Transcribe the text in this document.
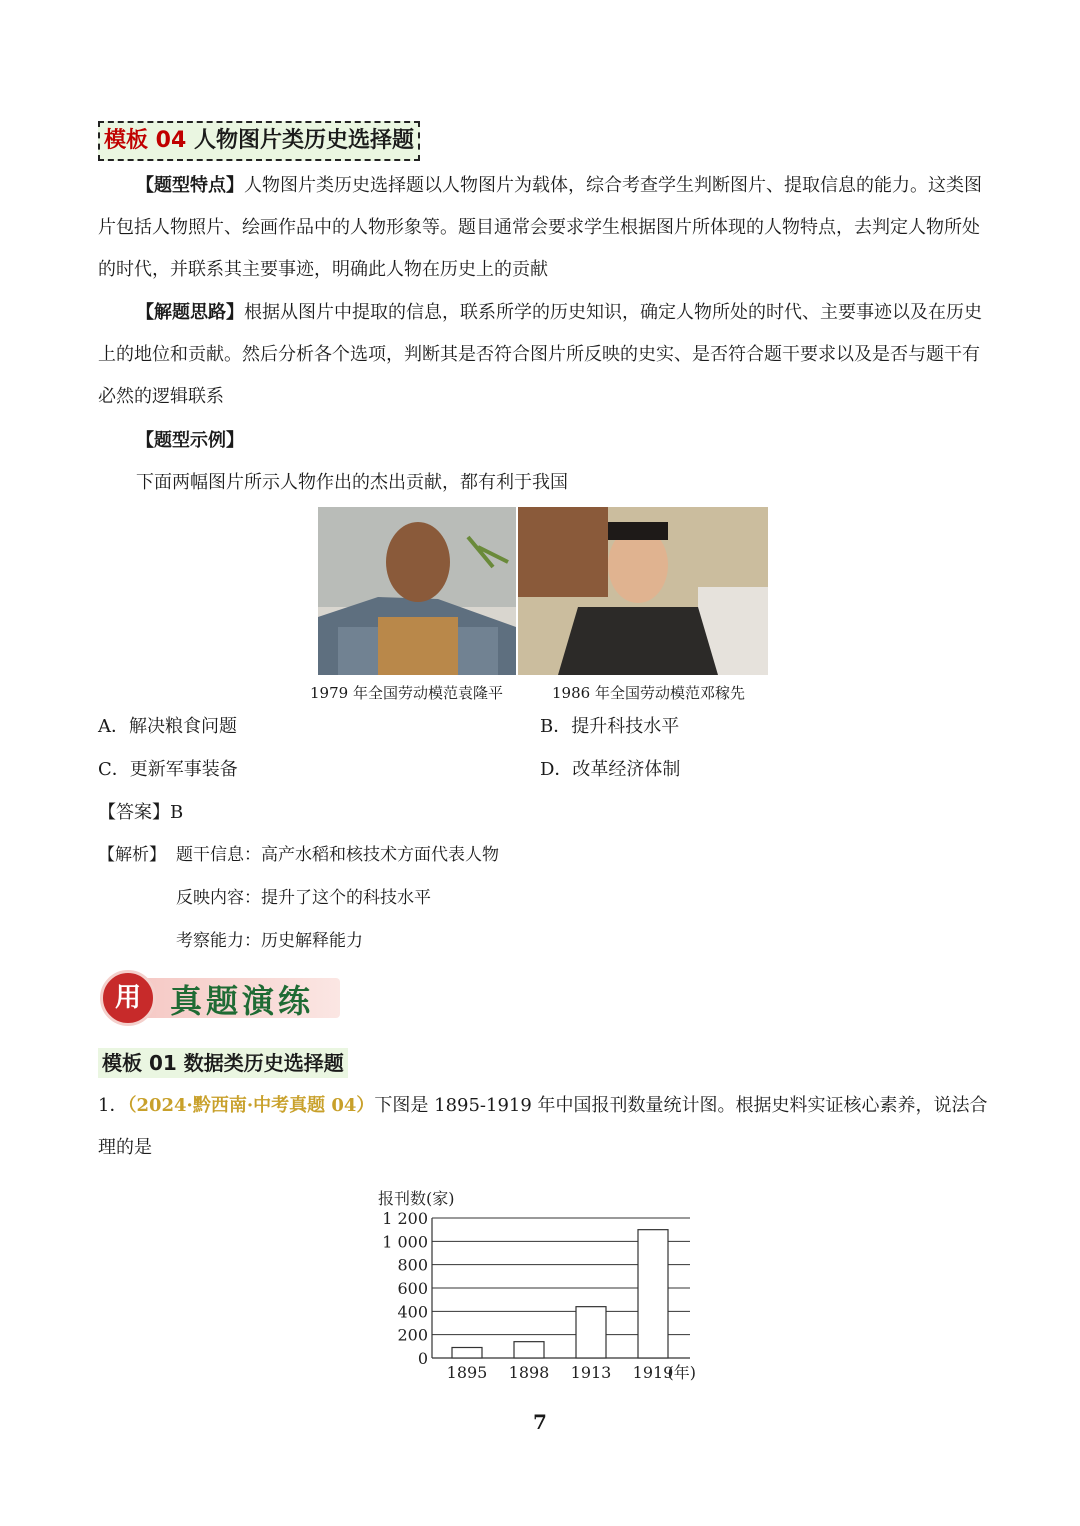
模板 04 人物图片类历史选择题

【题型特点】人物图片类历史选择题以人物图片为载体，综合考查学生判断图片、提取信息的能力。这类图片包括人物照片、绘画作品中的人物形象等。题目通常会要求学生根据图片所体现的人物特点，去判定人物所处的时代，并联系其主要事迹，明确此人物在历史上的贡献

【解题思路】根据从图片中提取的信息，联系所学的历史知识，确定人物所处的时代、主要事迹以及在历史上的地位和贡献。然后分析各个选项，判断其是否符合图片所反映的史实、是否符合题干要求以及是否与题干有必然的逻辑联系

【题型示例】
下面两幅图片所示人物作出的杰出贡献，都有利于我国
1979 年全国劳动模范袁隆平	1986 年全国劳动模范邓稼先
A．解决粮食问题	B．提升科技水平
C．更新军事装备	D．改革经济体制
【答案】B
【解析】 题干信息：高产水稻和核技术方面代表人物
反映内容：提升了这个的科技水平
考察能力：历史解释能力
用 真题演练
模板 01 数据类历史选择题

1．（2024·黔西南·中考真题 04）下图是 1895-1919 年中国报刊数量统计图。根据史料实证核心素养，说法合理的是

报刊数(家)
0
200
400
600
800
1 000
1 200
1895 1898 1913 1919
(年)
7
